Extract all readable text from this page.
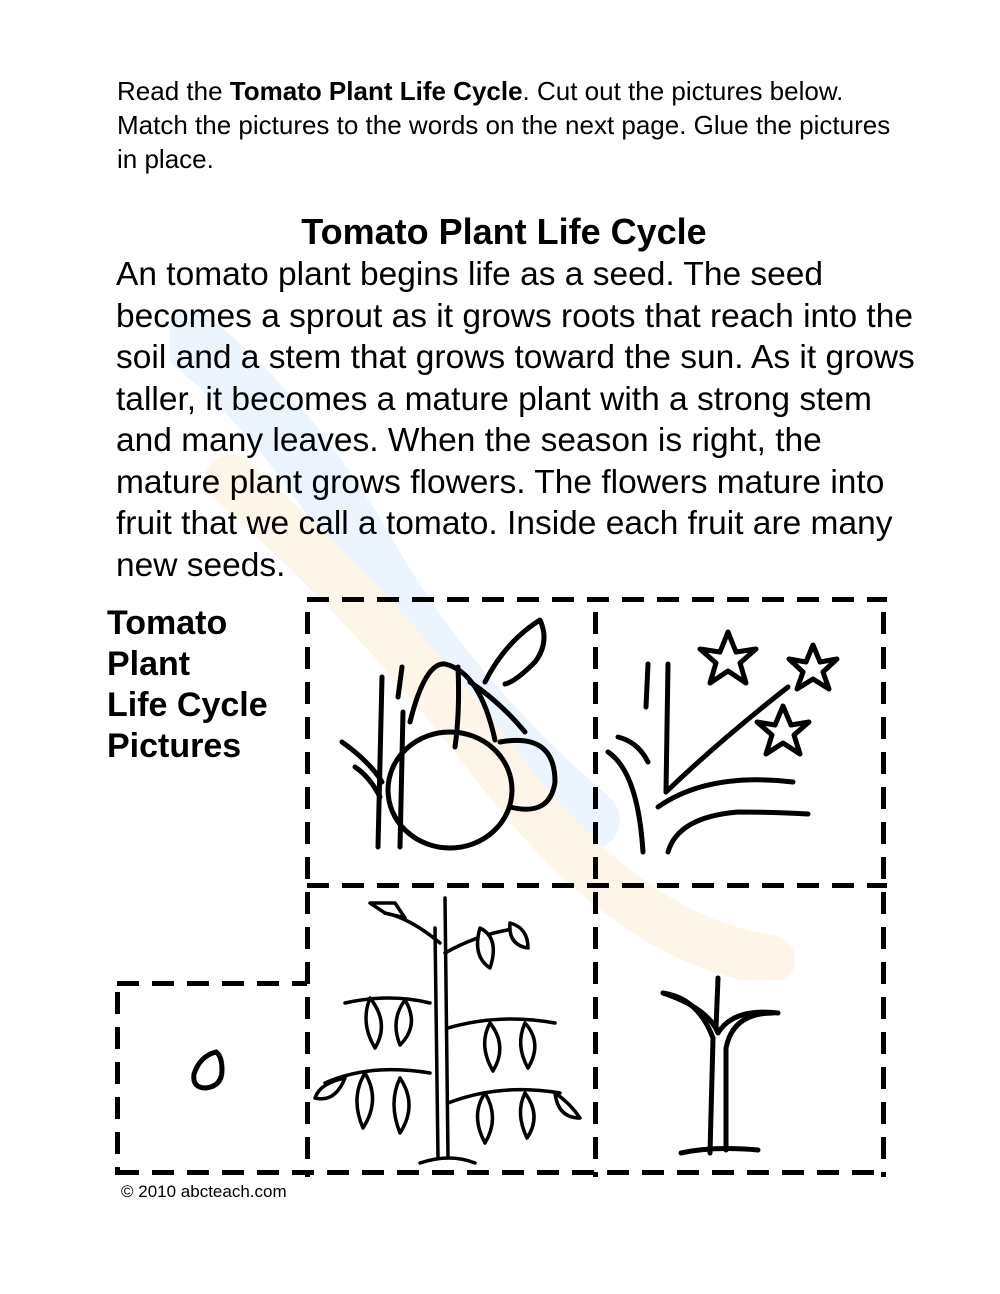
Read the Tomato Plant Life Cycle. Cut out the pictures below. Match the pictures to the words on the next page. Glue the pictures in place.
Tomato Plant Life Cycle
An tomato plant begins life as a seed. The seed becomes a sprout as it grows roots that reach into the soil and a stem that grows toward the sun. As it grows taller, it becomes a mature plant with a strong stem and many leaves. When the season is right, the mature plant grows flowers. The flowers mature into fruit that we call a tomato. Inside each fruit are many new seeds.
Tomato
Plant
Life Cycle
Pictures
© 2010 abcteach.com
